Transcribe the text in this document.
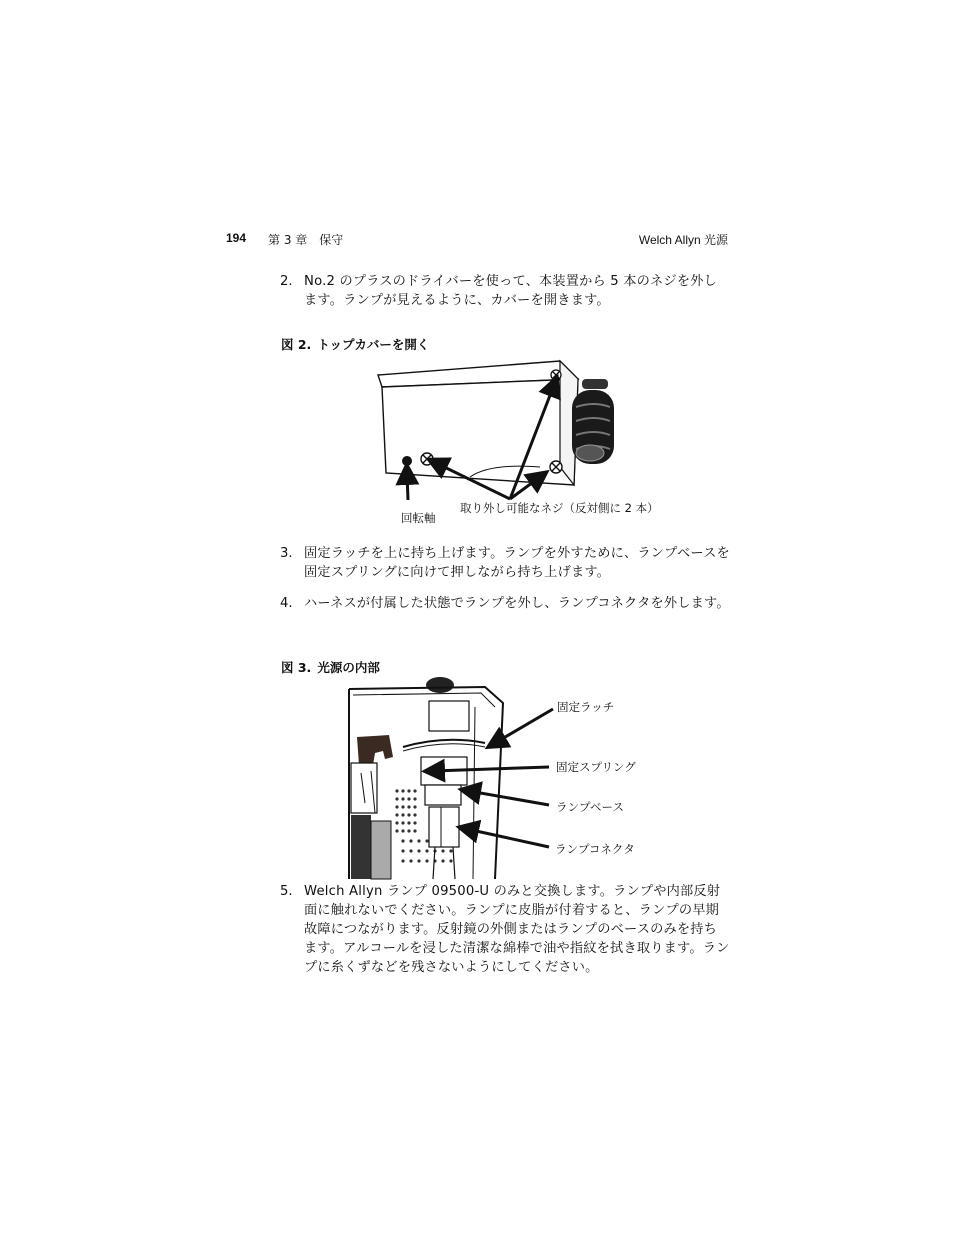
194 第 3 章　保守	Welch Allyn 光源
2. No.2 のプラスのドライバーを使って、本装置から 5 本のネジを外します。ランプが見えるように、カバーを開きます。
図 2. トップカバーを開く
取り外し可能なネジ（反対側に 2 本）
回転軸
3. 固定ラッチを上に持ち上げます。ランプを外すために、ランプベースを固定スプリングに向けて押しながら持ち上げます。
4. ハーネスが付属した状態でランプを外し、ランプコネクタを外します。
図 3. 光源の内部
固定ラッチ
固定スプリング
ランプベース
ランプコネクタ
5. Welch Allyn ランプ 09500-U のみと交換します。ランプや内部反射面に触れないでください。ランプに皮脂が付着すると、ランプの早期故障につながります。反射鏡の外側またはランプのベースのみを持ちます。アルコールを浸した清潔な綿棒で油や指紋を拭き取ります。ランプに糸くずなどを残さないようにしてください。
